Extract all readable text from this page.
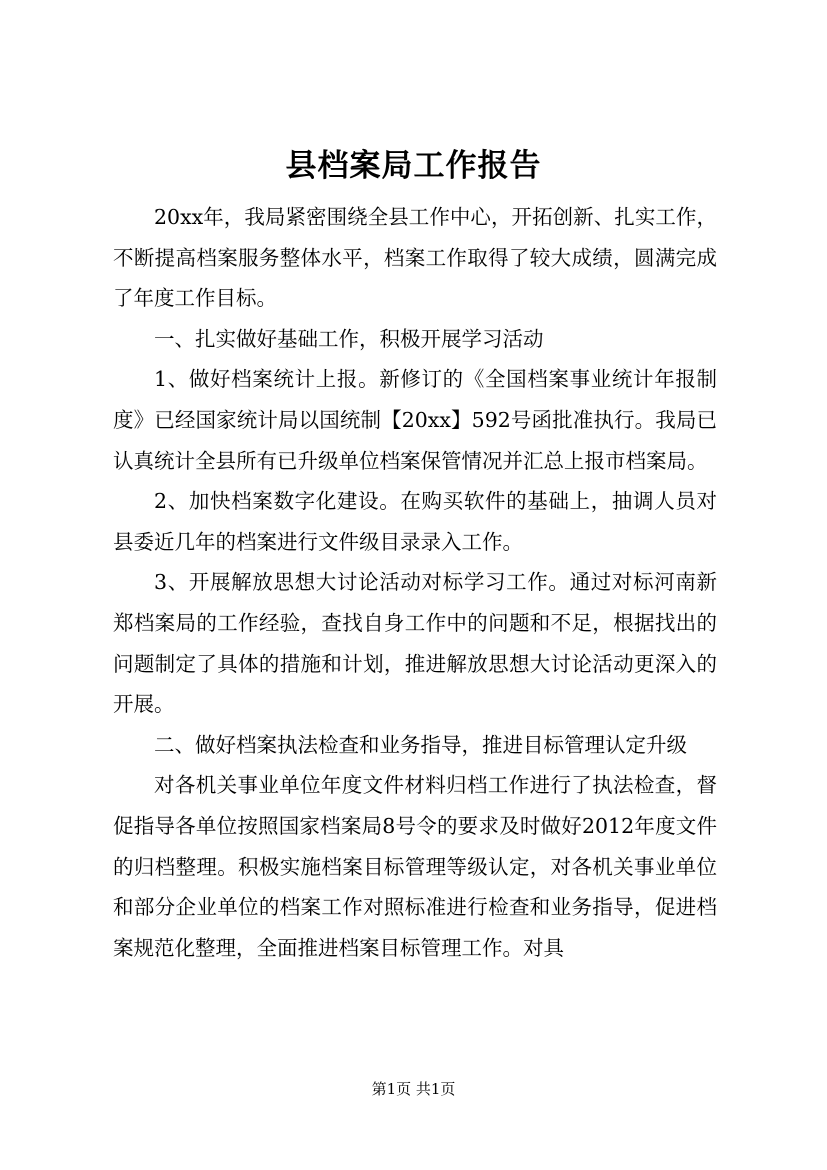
县档案局工作报告

20xx年，我局紧密围绕全县工作中心，开拓创新、扎实工作，不断提高档案服务整体水平，档案工作取得了较大成绩，圆满完成了年度工作目标。

一、扎实做好基础工作，积极开展学习活动

1、做好档案统计上报。新修订的《全国档案事业统计年报制度》已经国家统计局以国统制【20xx】592号函批准执行。我局已认真统计全县所有已升级单位档案保管情况并汇总上报市档案局。

2、加快档案数字化建设。在购买软件的基础上，抽调人员对县委近几年的档案进行文件级目录录入工作。

3、开展解放思想大讨论活动对标学习工作。通过对标河南新郑档案局的工作经验，查找自身工作中的问题和不足，根据找出的问题制定了具体的措施和计划，推进解放思想大讨论活动更深入的开展。

二、做好档案执法检查和业务指导，推进目标管理认定升级

对各机关事业单位年度文件材料归档工作进行了执法检查，督促指导各单位按照国家档案局8号令的要求及时做好2012年度文件的归档整理。积极实施档案目标管理等级认定，对各机关事业单位和部分企业单位的档案工作对照标准进行检查和业务指导，促进档案规范化整理，全面推进档案目标管理工作。对具

第1页 共1页
